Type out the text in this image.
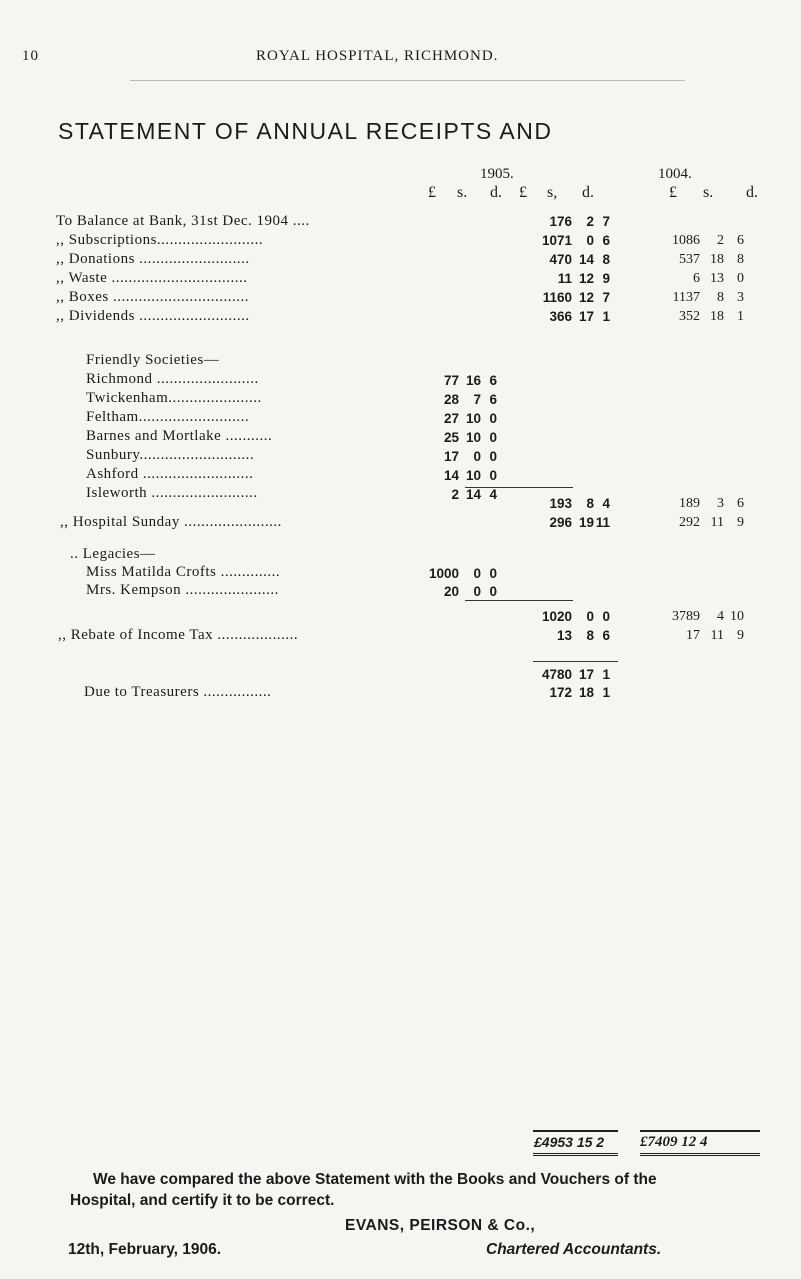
10	ROYAL HOSPITAL, RICHMOND.
STATEMENT OF ANNUAL RECEIPTS AND
1905.	1004.
£ s. d. £ s, d.	£ s. d.
To Balance at Bank, 31st Dec. 1904 ....	176	2 7
,, Subscriptions.........................	1071	0 6	1086	2 6
,, Donations ..........................	470 14 8	537 18 8
,, Waste ................................	11 12 9	6 13 0
,, Boxes ................................	1160 12 7	1137	8 3
,, Dividends ..........................	366 17 1	352 18 1
Friendly Societies—
Richmond ........................	77 16 6
Twickenham......................	28	7 6
Feltham..........................	27 10 0
Barnes and Mortlake ...........	25 10 0
Sunbury...........................	17	0 0
Ashford ..........................	14 10 0
Isleworth .........................	2 14 4
193	8 4	189	3 6
,, Hospital Sunday .......................	296 19 11	292 11 9
.. Legacies—
Miss Matilda Crofts ..............	1000	0 0
Mrs. Kempson ......................	20	0 0
1020	0 0	3789	4 10
,, Rebate of Income Tax ...................	13	8 6	17 11 9
4780 17 1
Due to Treasurers ................	172 18 1
£4953 15 2 £7409 12 4
We have compared the above Statement with the Books and Vouchers of the
Hospital, and certify it to be correct.
EVANS, PEIRSON & Co.,
12th, February, 1906.	Chartered Accountants.
